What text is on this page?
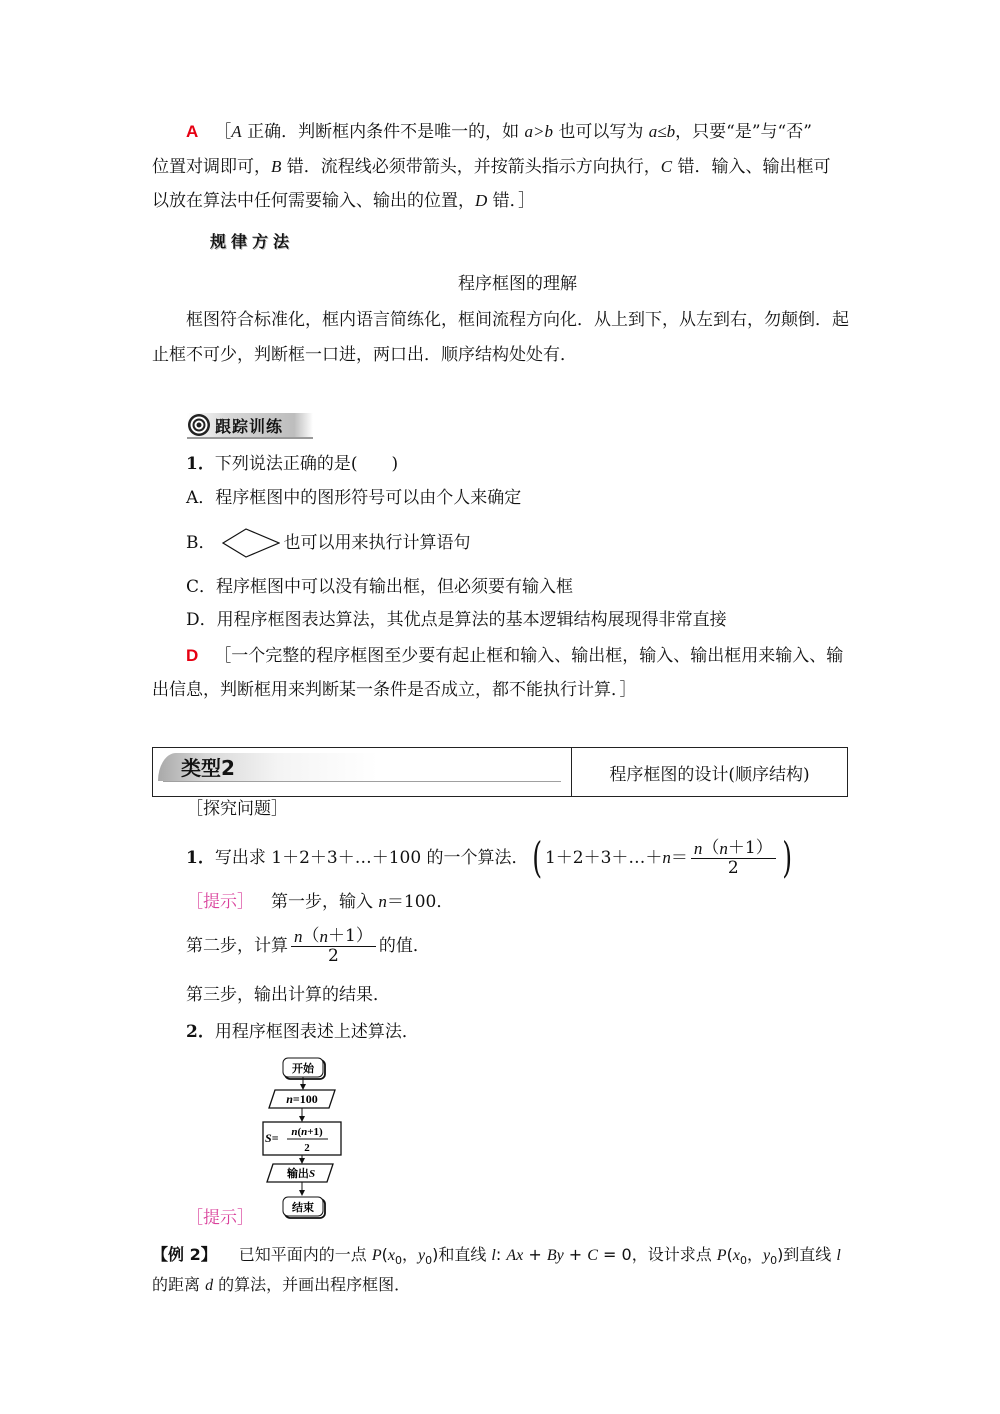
A ［ A 正确．判断框内条件不是唯一的，如 a>b 也可以写为 a≤b ，只要“是”与“否”
位置对调即可， B 错．流程线必须带箭头，并按箭头指示方向执行， C 错．输入、输出框可
以放在算法中任何需要输入、输出的位置， D 错．］
规律方法
程序框图的理解
框图符合标准化，框内语言简练化，框间流程方向化．从上到下，从左到右，勿颠倒．起
止框不可少，判断框一口进，两口出．顺序结构处处有．
跟踪训练
1． 下列说法正确的是(　　)
A．程序框图中的图形符号可以由个人来确定
B．	也可以用来执行计算语句
C．程序框图中可以没有输出框，但必须要有输入框
D．用程序框图表达算法，其优点是算法的基本逻辑结构展现得非常直接
D ［一个完整的程序框图至少要有起止框和输入、输出框，输入、输出框用来输入、输
出信息，判断框用来判断某一条件是否成立，都不能执行计算．］
类型2	程序框图的设计(顺序结构)
［探究问题］
1． 写出求 1＋2＋3＋…＋100 的一个算法． ( 1＋2＋3＋…＋ $n = \frac{n ( n +1)}{2}$ )
［提示］ 　第一步，输入 n ＝100．
第二步，计算 $\frac{n ( n +1)}{2}$ 的值．
第三步，输出计算的结果．
2． 用程序框图表述上述算法．
开始
n=100
S= n(n+1)
2
输出S
结束
［提示］
【例 2】 已知平面内的一点 P ( x 0 ， y 0 )和直线 l : Ax + By + C = 0，设计求点 P ( x 0 ， y 0 )到直线 l
的距离 d 的算法，并画出程序框图．
